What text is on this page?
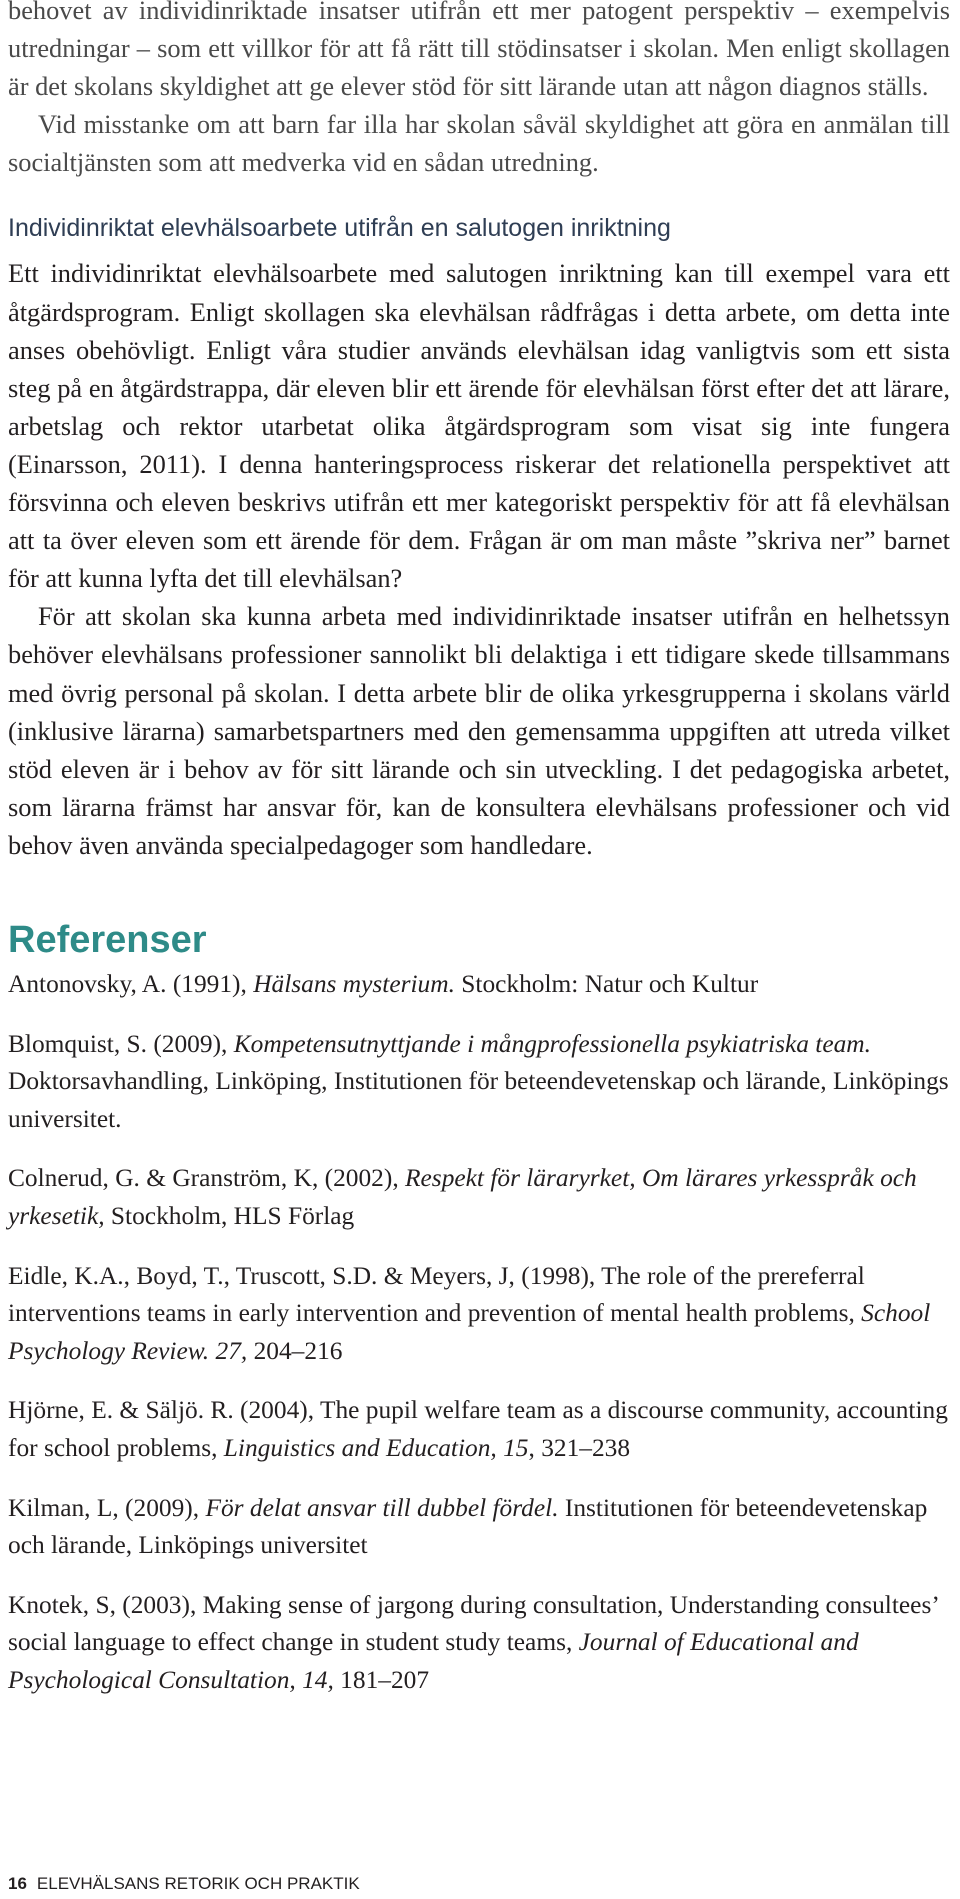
behovet av individinriktade insatser utifrån ett mer patogent perspektiv – exempelvis utredningar – som ett villkor för att få rätt till stödinsatser i skolan. Men enligt skollagen är det skolans skyldighet att ge elever stöd för sitt lärande utan att någon diagnos ställs.

Vid misstanke om att barn far illa har skolan såväl skyldighet att göra en anmälan till socialtjänsten som att medverka vid en sådan utredning.

Individinriktat elevhälsoarbete utifrån en salutogen inriktning

Ett individinriktat elevhälsoarbete med salutogen inriktning kan till exempel vara ett åtgärdsprogram. Enligt skollagen ska elevhälsan rådfrågas i detta arbete, om detta inte anses obehövligt. Enligt våra studier används elevhälsan idag vanligtvis som ett sista steg på en åtgärdstrappa, där eleven blir ett ärende för elevhälsan först efter det att lärare, arbetslag och rektor utarbetat olika åtgärdsprogram som visat sig inte fungera (Einarsson, 2011). I denna hanteringsprocess riskerar det relationella perspektivet att försvinna och eleven beskrivs utifrån ett mer kategoriskt perspektiv för att få elevhälsan att ta över eleven som ett ärende för dem. Frågan är om man måste ”skriva ner” barnet för att kunna lyfta det till elevhälsan?

För att skolan ska kunna arbeta med individinriktade insatser utifrån en helhetssyn behöver elevhälsans professioner sannolikt bli delaktiga i ett tidigare skede tillsammans med övrig personal på skolan. I detta arbete blir de olika yrkesgrupperna i skolans värld (inklusive lärarna) samarbetspartners med den gemensamma uppgiften att utreda vilket stöd eleven är i behov av för sitt lärande och sin utveckling. I det pedagogiska arbetet, som lärarna främst har ansvar för, kan de konsultera elevhälsans professioner och vid behov även använda specialpedagoger som handledare.

Referenser

Antonovsky, A. (1991), Hälsans mysterium. Stockholm: Natur och Kultur

Blomquist, S. (2009), Kompetensutnyttjande i mångprofessionella psykiatriska team. Doktorsavhandling, Linköping, Institutionen för beteendevetenskap och lärande, Linköpings universitet.

Colnerud, G. & Granström, K, (2002), Respekt för läraryrket, Om lärares yrkesspråk och yrkesetik, Stockholm, HLS Förlag

Eidle, K.A., Boyd, T., Truscott, S.D. & Meyers, J, (1998), The role of the prereferral interventions teams in early intervention and prevention of mental health problems, School Psychology Review. 27, 204–216

Hjörne, E. & Säljö. R. (2004), The pupil welfare team as a discourse community, accounting for school problems, Linguistics and Education, 15, 321–238

Kilman, L, (2009), För delat ansvar till dubbel fördel. Institutionen för beteendevetenskap och lärande, Linköpings universitet

Knotek, S, (2003), Making sense of jargong during consultation, Understanding consultees’ social language to effect change in student study teams, Journal of Educational and Psychological Consultation, 14, 181–207

16 ELEVHÄLSANS RETORIK OCH PRAKTIK
